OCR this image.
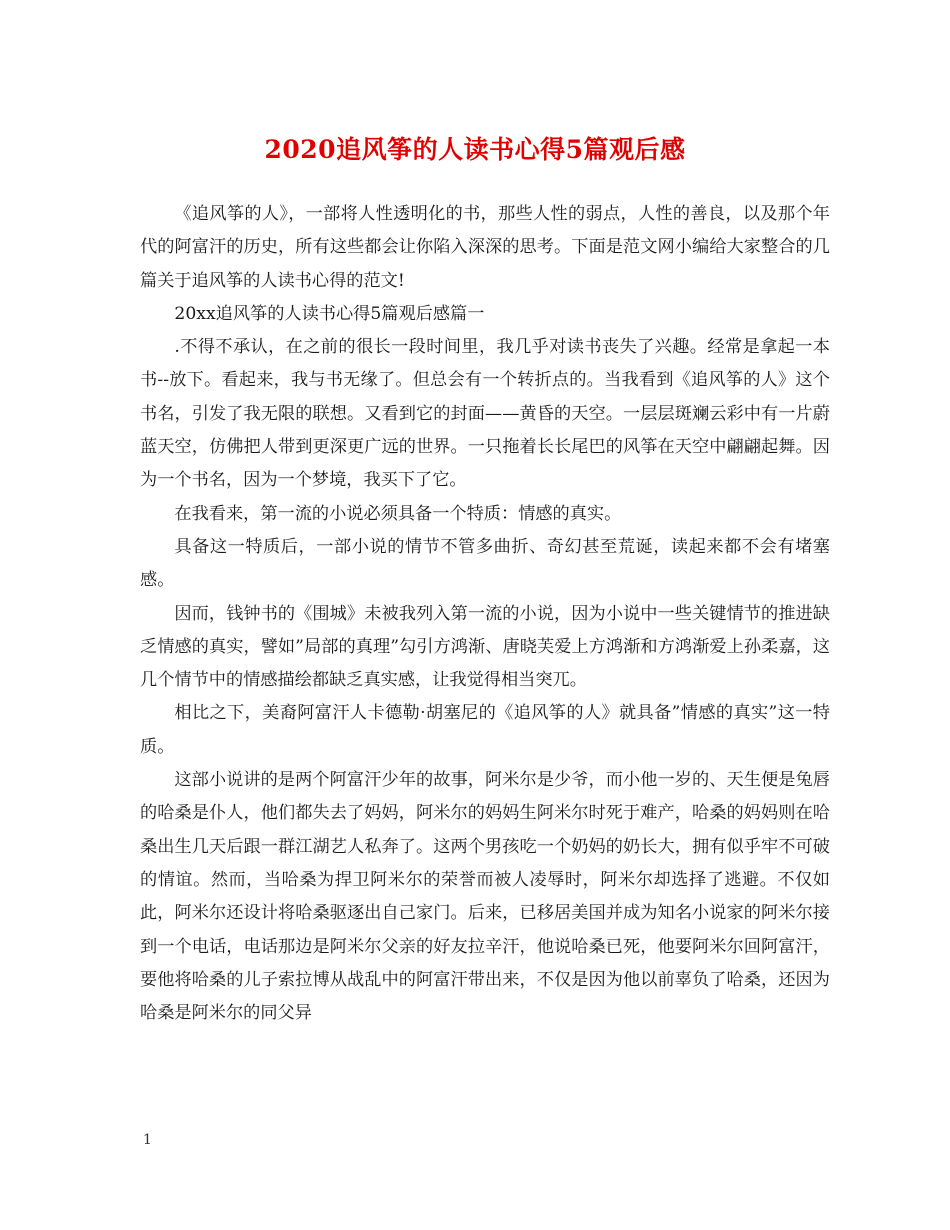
2020追风筝的人读书心得5篇观后感

《追风筝的人》，一部将人性透明化的书，那些人性的弱点，人性的善良，以及那个年代的阿富汗的历史，所有这些都会让你陷入深深的思考。下面是范文网小编给大家整合的几篇关于追风筝的人读书心得的范文!

20xx追风筝的人读书心得5篇观后感篇一

.不得不承认，在之前的很长一段时间里，我几乎对读书丧失了兴趣。经常是拿起一本书--放下。看起来，我与书无缘了。但总会有一个转折点的。当我看到《追风筝的人》这个书名，引发了我无限的联想。又看到它的封面——黄昏的天空。一层层斑斓云彩中有一片蔚蓝天空，仿佛把人带到更深更广远的世界。一只拖着长长尾巴的风筝在天空中翩翩起舞。因为一个书名，因为一个梦境，我买下了它。

在我看来，第一流的小说必须具备一个特质：情感的真实。

具备这一特质后，一部小说的情节不管多曲折、奇幻甚至荒诞，读起来都不会有堵塞感。

因而，钱钟书的《围城》未被我列入第一流的小说，因为小说中一些关键情节的推进缺乏情感的真实，譬如”局部的真理”勾引方鸿渐、唐晓芙爱上方鸿渐和方鸿渐爱上孙柔嘉，这几个情节中的情感描绘都缺乏真实感，让我觉得相当突兀。

相比之下，美裔阿富汗人卡德勒·胡塞尼的《追风筝的人》就具备”情感的真实”这一特质。

这部小说讲的是两个阿富汗少年的故事，阿米尔是少爷，而小他一岁的、天生便是兔唇的哈桑是仆人，他们都失去了妈妈，阿米尔的妈妈生阿米尔时死于难产，哈桑的妈妈则在哈桑出生几天后跟一群江湖艺人私奔了。这两个男孩吃一个奶妈的奶长大，拥有似乎牢不可破的情谊。然而，当哈桑为捍卫阿米尔的荣誉而被人凌辱时，阿米尔却选择了逃避。不仅如此，阿米尔还设计将哈桑驱逐出自己家门。后来，已移居美国并成为知名小说家的阿米尔接到一个电话，电话那边是阿米尔父亲的好友拉辛汗，他说哈桑已死，他要阿米尔回阿富汗，要他将哈桑的儿子索拉博从战乱中的阿富汗带出来，不仅是因为他以前辜负了哈桑，还因为哈桑是阿米尔的同父异

1
